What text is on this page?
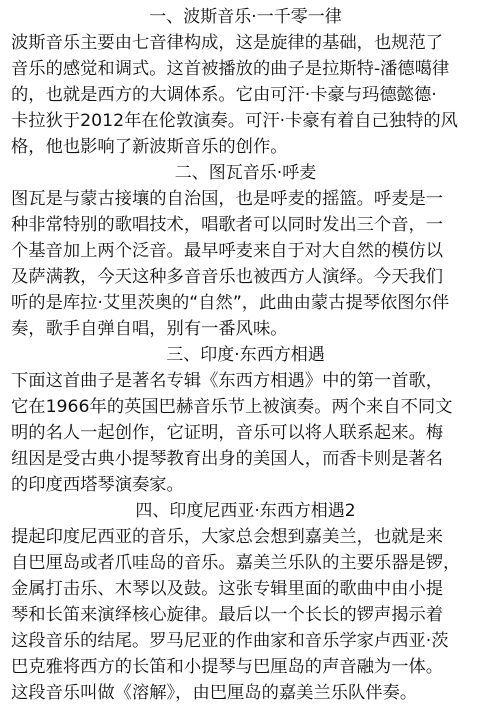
一、波斯音乐·一千零一律
波斯音乐主要由七音律构成，这是旋律的基础，也规范了
音乐的感觉和调式。这首被播放的曲子是拉斯特-潘德噶律
的，也就是西方的大调体系。它由可汗·卡豪与玛德懿德·
卡拉狄于2012年在伦敦演奏。可汗·卡豪有着自己独特的风
格，他也影响了新波斯音乐的创作。
二、图瓦音乐·呼麦
图瓦是与蒙古接壤的自治国，也是呼麦的摇篮。呼麦是一
种非常特别的歌唱技术，唱歌者可以同时发出三个音，一
个基音加上两个泛音。最早呼麦来自于对大自然的模仿以
及萨满教，今天这种多音音乐也被西方人演绎。今天我们
听的是库拉·艾里茨奥的“自然”，此曲由蒙古提琴依图尔伴
奏，歌手自弹自唱，别有一番风味。
三、印度·东西方相遇
下面这首曲子是著名专辑《东西方相遇》中的第一首歌，
它在1966年的英国巴赫音乐节上被演奏。两个来自不同文
明的名人一起创作，它证明，音乐可以将人联系起来。梅
纽因是受古典小提琴教育出身的美国人，而香卡则是著名
的印度西塔琴演奏家。
四、印度尼西亚·东西方相遇2
提起印度尼西亚的音乐，大家总会想到嘉美兰，也就是来
自巴厘岛或者爪哇岛的音乐。嘉美兰乐队的主要乐器是锣，
金属打击乐、木琴以及鼓。这张专辑里面的歌曲中由小提
琴和长笛来演绎核心旋律。最后以一个长长的锣声揭示着
这段音乐的结尾。罗马尼亚的作曲家和音乐学家卢西亚·茨
巴克雅将西方的长笛和小提琴与巴厘岛的声音融为一体。
这段音乐叫做《溶解》，由巴厘岛的嘉美兰乐队伴奏。
